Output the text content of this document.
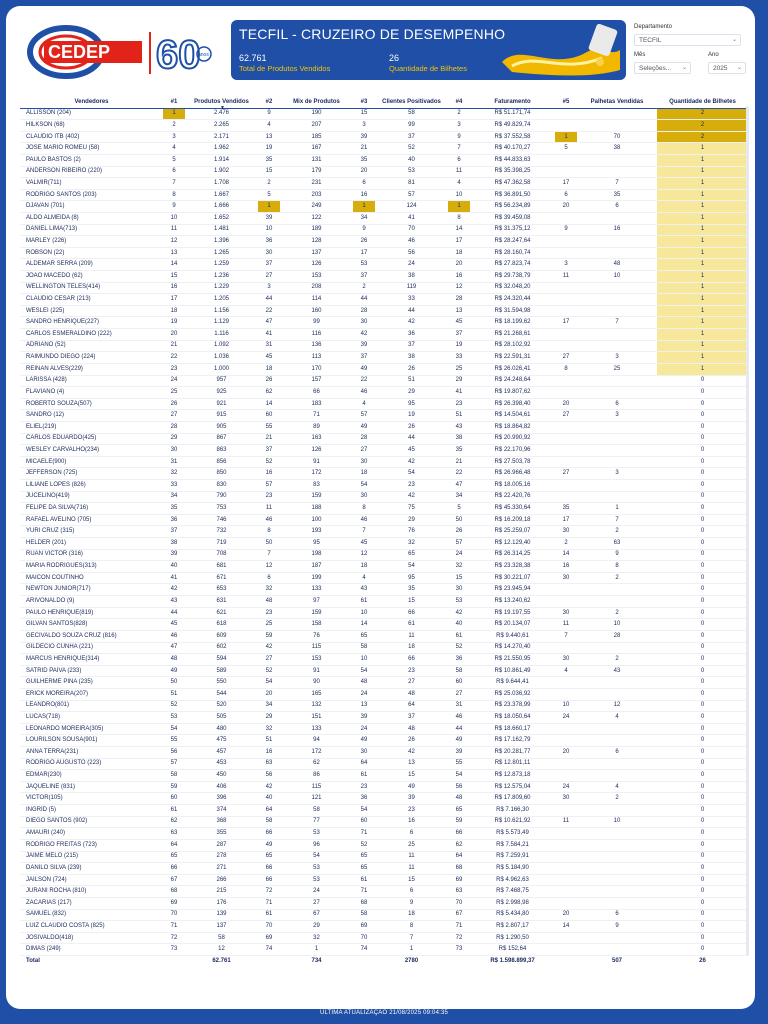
CEDEP 60
anos
TECFIL - CRUZEIRO DE DESEMPENHO
62.761
Total de Produtos Vendidos
26
Quantidade de Bilhetes
Departamento
TECFIL	⌄
Mês
Seleções... ⌄
Ano
2025 ⌄
Vendedores	#1	Produtos Vendidos
▼	#2	Mix de Produtos	#3	Clientes Positivados	#4	Faturamento	#5	Palhetas Vendidas	Quantidade de Bilhetes
ALLISSON (204)	1	2.476	9	190	15	58	2	R$ 51.171,74			2
HILKSON (68)	2	2.265	4	207	3	99	3	R$ 49.829,74			2
CLAUDIO ITB (402)	3	2.171	13	185	39	37	9	R$ 37.552,58	1	70	2
JOSE MARIO ROMEU (58)	4	1.962	19	167	21	52	7	R$ 40.170,27	5	38	1
PAULO BASTOS (2)	5	1.914	35	131	35	40	6	R$ 44.833,63			1
ANDERSON RIBEIRO (220)	6	1.902	15	179	20	53	11	R$ 35.398,25			1
VALMIR(711)	7	1.708	2	231	6	81	4	R$ 47.362,58	17	7	1
RODRIGO SANTOS (203)	8	1.667	5	203	16	57	10	R$ 36.891,50	6	35	1
DJAVAN (701)	9	1.666	1	249	1	124	1	R$ 56.234,89	20	6	1
ALDO ALMEIDA (8)	10	1.652	39	122	34	41	8	R$ 39.459,08			1
DANIEL LIMA(713)	11	1.481	10	189	9	70	14	R$ 31.375,12	9	16	1
MARLEY (226)	12	1.396	36	128	26	46	17	R$ 28.247,64			1
ROBSON (22)	13	1.265	30	137	17	56	18	R$ 28.160,74			1
ALDEMAR SERRA (209)	14	1.259	37	126	53	24	20	R$ 27.823,74	3	48	1
JOAO MACEDO (62)	15	1.236	27	153	37	38	16	R$ 29.738,79	11	10	1
WELLINGTON TELES(414)	16	1.229	3	208	2	119	12	R$ 32.048,20			1
CLAUDIO CESAR (213)	17	1.205	44	114	44	33	28	R$ 24.320,44			1
WESLEI (225)	18	1.156	22	160	28	44	13	R$ 31.594,98			1
SANDRO HENRIQUE(227)	19	1.129	47	99	30	42	45	R$ 18.199,62	17	7	1
CARLOS ESMERALDINO (222)	20	1.116	41	116	42	36	37	R$ 21.268,61			1
ADRIANO (52)	21	1.092	31	136	39	37	19	R$ 28.102,92			1
RAIMUNDO DIEGO (224)	22	1.036	45	113	37	38	33	R$ 22.591,31	27	3	1
REINAN ALVES(229)	23	1.000	18	170	49	26	25	R$ 26.026,41	8	25	1
LARISSA (428)	24	957	26	157	22	51	29	R$ 24.248,64			0
FLAVIANO (4)	25	925	62	66	46	29	41	R$ 19.807,62			0
ROBERTO SOUZA(507)	26	921	14	183	4	95	23	R$ 26.398,40	20	6	0
SANDRO (12)	27	915	60	71	57	19	51	R$ 14.504,61	27	3	0
ELIEL(219)	28	905	55	89	49	26	43	R$ 18.864,82			0
CARLOS EDUARDO(425)	29	867	21	163	28	44	38	R$ 20.990,92			0
WESLEY CARVALHO(234)	30	863	37	126	27	45	35	R$ 22.170,96			0
MICAELE(900)	31	856	52	91	30	42	21	R$ 27.503,78			0
JEFFERSON (725)	32	850	16	172	18	54	22	R$ 26.966,48	27	3	0
LILIANE LOPES (826)	33	830	57	83	54	23	47	R$ 18.005,16			0
JUCELINO(419)	34	790	23	159	30	42	34	R$ 22.420,76			0
FELIPE DA SILVA(716)	35	753	11	188	8	75	5	R$ 45.330,64	35	1	0
RAFAEL AVELINO (705)	36	746	46	100	46	29	50	R$ 16.209,18	17	7	0
YURI CRUZ (315)	37	732	8	193	7	76	26	R$ 25.259,07	30	2	0
HELDER (201)	38	719	50	95	45	32	57	R$ 12.129,40	2	63	0
RUAN VICTOR (316)	39	708	7	198	12	65	24	R$ 26.314,25	14	9	0
MARIA RODRIGUES(313)	40	681	12	187	18	54	32	R$ 23.328,38	16	8	0
MAICON COUTINHO	41	671	6	199	4	95	15	R$ 30.221,07	30	2	0
NEWTON JUNIOR(717)	42	653	32	133	43	35	30	R$ 23.945,94			0
ARIVONALDO (9)	43	631	48	97	61	15	53	R$ 13.240,62			0
PAULO HENRIQUE(819)	44	621	23	159	10	66	42	R$ 19.197,55	30	2	0
GILVAN SANTOS(828)	45	618	25	158	14	61	40	R$ 20.134,07	11	10	0
GECIVALDO SOUZA CRUZ (816)	46	609	59	76	65	11	61	R$ 9.440,61	7	28	0
GILDECIO CUNHA (221)	47	602	42	115	58	18	52	R$ 14.270,40			0
MARCUS HENRIQUE(314)	48	594	27	153	10	66	36	R$ 21.550,95	30	2	0
SATRID PAIVA (233)	49	589	52	91	54	23	58	R$ 10.861,49	4	43	0
GUILHERME PINA (235)	50	550	54	90	48	27	60	R$ 9.644,41			0
ERICK MOREIRA(207)	51	544	20	165	24	48	27	R$ 25.036,92			0
LEANDRO(801)	52	520	34	132	13	64	31	R$ 23.378,99	10	12	0
LUCAS(718)	53	505	29	151	39	37	46	R$ 18.050,64	24	4	0
LEONARDO MOREIRA(305)	54	480	32	133	24	48	44	R$ 18.660,17			0
LOURILSON SOUSA(901)	55	475	51	94	49	26	49	R$ 17.162,79			0
ANNA TERRA(231)	56	457	16	172	30	42	39	R$ 20.281,77	20	6	0
RODRIGO AUGUSTO (223)	57	453	63	62	64	13	55	R$ 12.801,11			0
EDMAR(230)	58	450	56	86	61	15	54	R$ 12.873,18			0
JAQUELINE (831)	59	406	42	115	23	49	56	R$ 12.575,04	24	4	0
VICTOR(105)	60	396	40	121	36	39	48	R$ 17.809,60	30	2	0
INGRID (5)	61	374	64	58	54	23	65	R$ 7.166,30			0
DIEGO SANTOS (902)	62	368	58	77	60	16	59	R$ 10.621,92	11	10	0
AMAURI (240)	63	355	66	53	71	6	66	R$ 5.573,49			0
RODRIGO FREITAS (723)	64	287	49	96	52	25	62	R$ 7.584,21			0
JAIME MELO (215)	65	278	65	54	65	11	64	R$ 7.259,91			0
DANILO SILVA (239)	66	271	66	53	65	11	68	R$ 5.184,90			0
JAILSON (724)	67	266	66	53	61	15	69	R$ 4.962,63			0
JURANI ROCHA (810)	68	215	72	24	71	6	63	R$ 7.468,75			0
ZACARIAS (217)	69	176	71	27	68	9	70	R$ 2.998,98			0
SAMUEL (832)	70	139	61	67	58	18	67	R$ 5.434,80	20	6	0
LUIZ CLAUDIO COSTA (825)	71	137	70	29	69	8	71	R$ 2.807,17	14	9	0
JOSIVALDO(418)	72	58	69	32	70	7	72	R$ 1.290,50			0
DIMAS (249)	73	12	74	1	74	1	73	R$ 152,64			0
Total		62.761		734		2780		R$ 1.598.899,37		507	26
ULTIMA ATUALIZAÇÃO 21/08/2025 09:04:35
